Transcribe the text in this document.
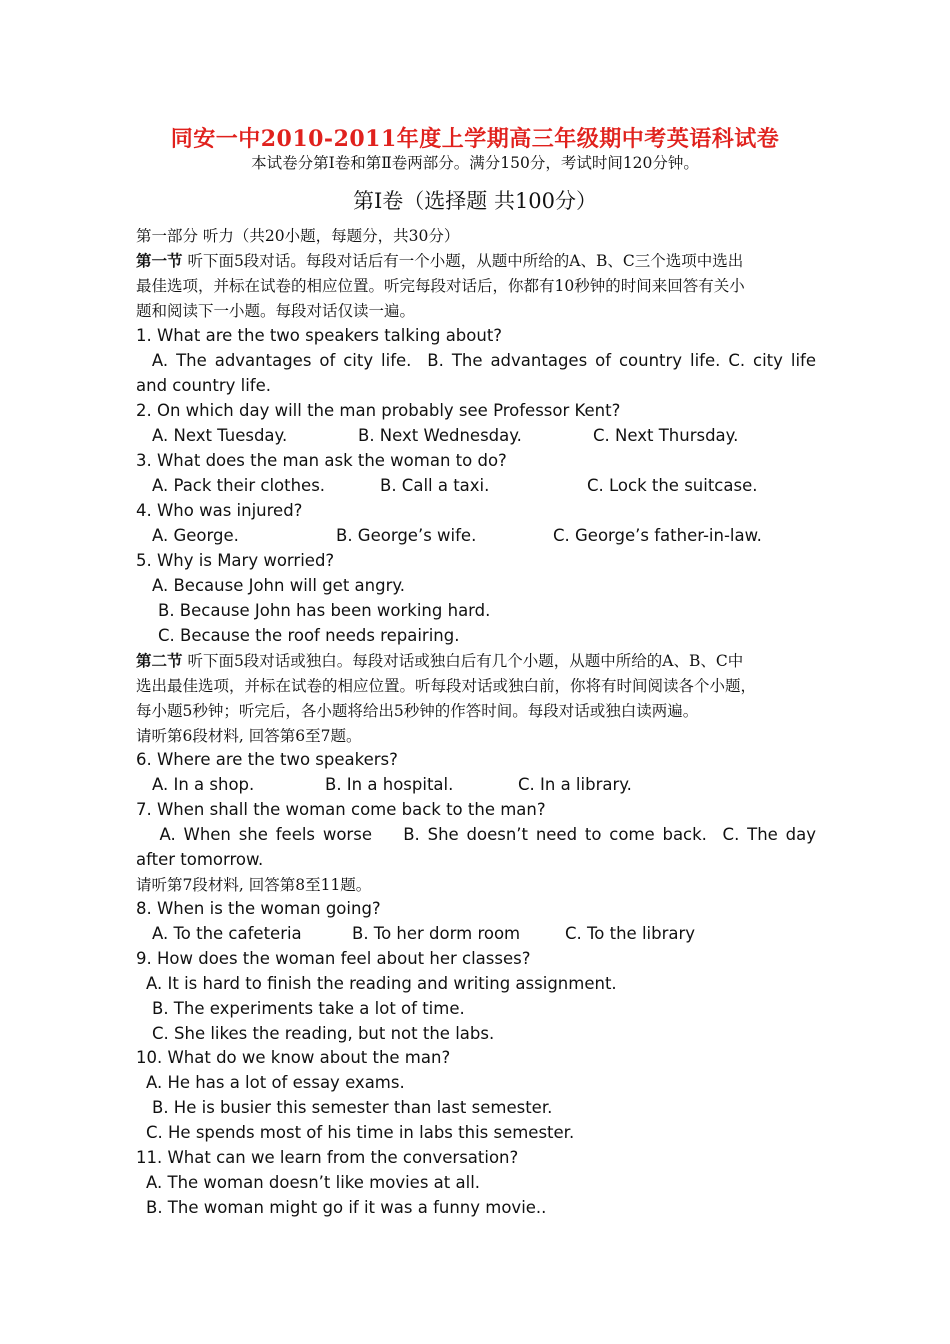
同安一中2010-2011年度上学期高三年级期中考英语科试卷
本试卷分第Ⅰ卷和第Ⅱ卷两部分。满分150分，考试时间120分钟。
第Ⅰ卷（选择题 共100分）
第一部分 听力（共20小题，每题分，共30分）
第一节 听下面5段对话。每段对话后有一个小题，从题中所给的A、B、C三个选项中选出
最佳选项，并标在试卷的相应位置。听完每段对话后，你都有10秒钟的时间来回答有关小
题和阅读下一小题。每段对话仅读一遍。
1. What are the two speakers talking about?
A. The advantages of city life.  B. The advantages of country life. C. city life
and country life.
2. On which day will the man probably see Professor Kent?
A. Next Tuesday.	B. Next Wednesday.	C. Next Thursday.
3. What does the man ask the woman to do?
A. Pack their clothes.	B. Call a taxi.	C. Lock the suitcase.
4. Who was injured?
A. George.	B. George’s wife.	C. George’s father-in-law.
5. Why is Mary worried?
A. Because John will get angry.
B. Because John has been working hard.
C. Because the roof needs repairing.
第二节 听下面5段对话或独白。每段对话或独白后有几个小题，从题中所给的A、B、C中
选出最佳选项，并标在试卷的相应位置。听每段对话或独白前，你将有时间阅读各个小题，
每小题5秒钟；听完后，各小题将给出5秒钟的作答时间。每段对话或独白读两遍。
请听第6段材料, 回答第6至7题。
6. Where are the two speakers?
A. In a shop.	B. In a hospital.	C. In a library.
7. When shall the woman come back to the man?
A. When she feels worse    B. She doesn’t need to come back.  C. The day
after tomorrow.
请听第7段材料, 回答第8至11题。
8. When is the woman going?
A. To the cafeteria	B. To her dorm room	C. To the library
9. How does the woman feel about her classes?
A. It is hard to finish the reading and writing assignment.
B. The experiments take a lot of time.
C. She likes the reading, but not the labs.
10. What do we know about the man?
A. He has a lot of essay exams.
B. He is busier this semester than last semester.
C. He spends most of his time in labs this semester.
11. What can we learn from the conversation?
A. The woman doesn’t like movies at all.
B. The woman might go if it was a funny movie..
